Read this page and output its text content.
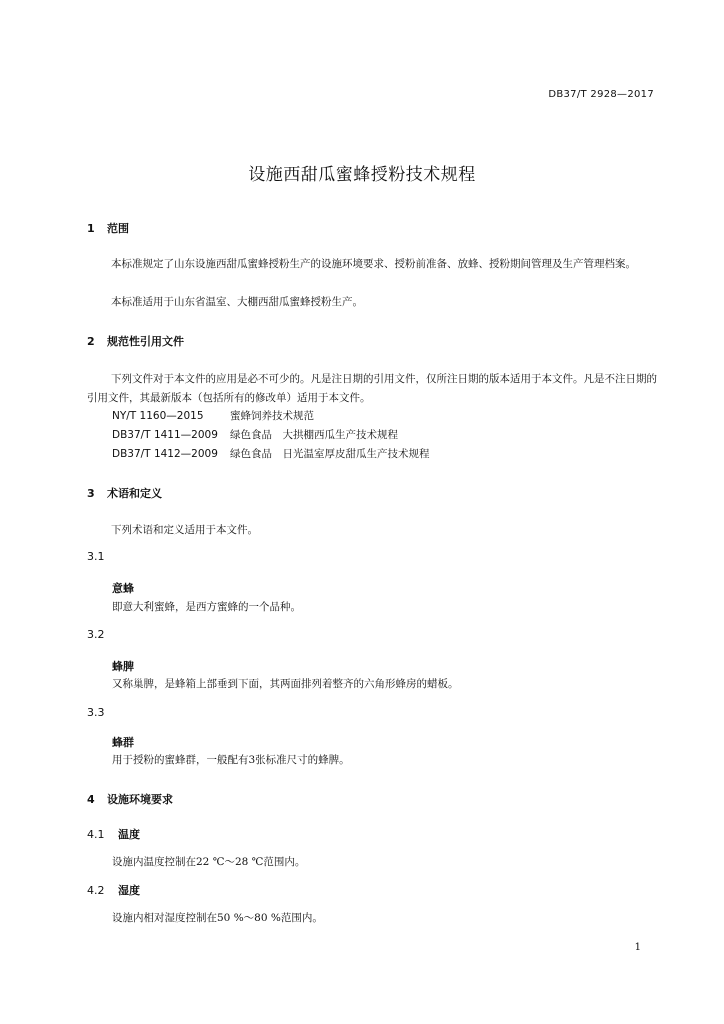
DB37/T 2928—2017
设施西甜瓜蜜蜂授粉技术规程
1 范围
本标准规定了山东设施西甜瓜蜜蜂授粉生产的设施环境要求、授粉前准备、放蜂、授粉期间管理及生产管理档案。
本标准适用于山东省温室、大棚西甜瓜蜜蜂授粉生产。
2 规范性引用文件
下列文件对于本文件的应用是必不可少的。凡是注日期的引用文件，仅所注日期的版本适用于本文件。凡是不注日期的引用文件，其最新版本（包括所有的修改单）适用于本文件。
NY/T 1160—2015	蜜蜂饲养技术规范
DB37/T 1411—2009 绿色食品　大拱棚西瓜生产技术规程
DB37/T 1412—2009 绿色食品　日光温室厚皮甜瓜生产技术规程
3 术语和定义
下列术语和定义适用于本文件。
3.1
意蜂
即意大利蜜蜂，是西方蜜蜂的一个品种。
3.2
蜂脾
又称巢脾，是蜂箱上部垂到下面，其两面排列着整齐的六角形蜂房的蜡板。
3.3
蜂群
用于授粉的蜜蜂群，一般配有3张标准尺寸的蜂脾。
4 设施环境要求
4.1 温度
设施内温度控制在22 ℃～28 ℃范围内。
4.2 湿度
设施内相对湿度控制在50 %～80 %范围内。
1
